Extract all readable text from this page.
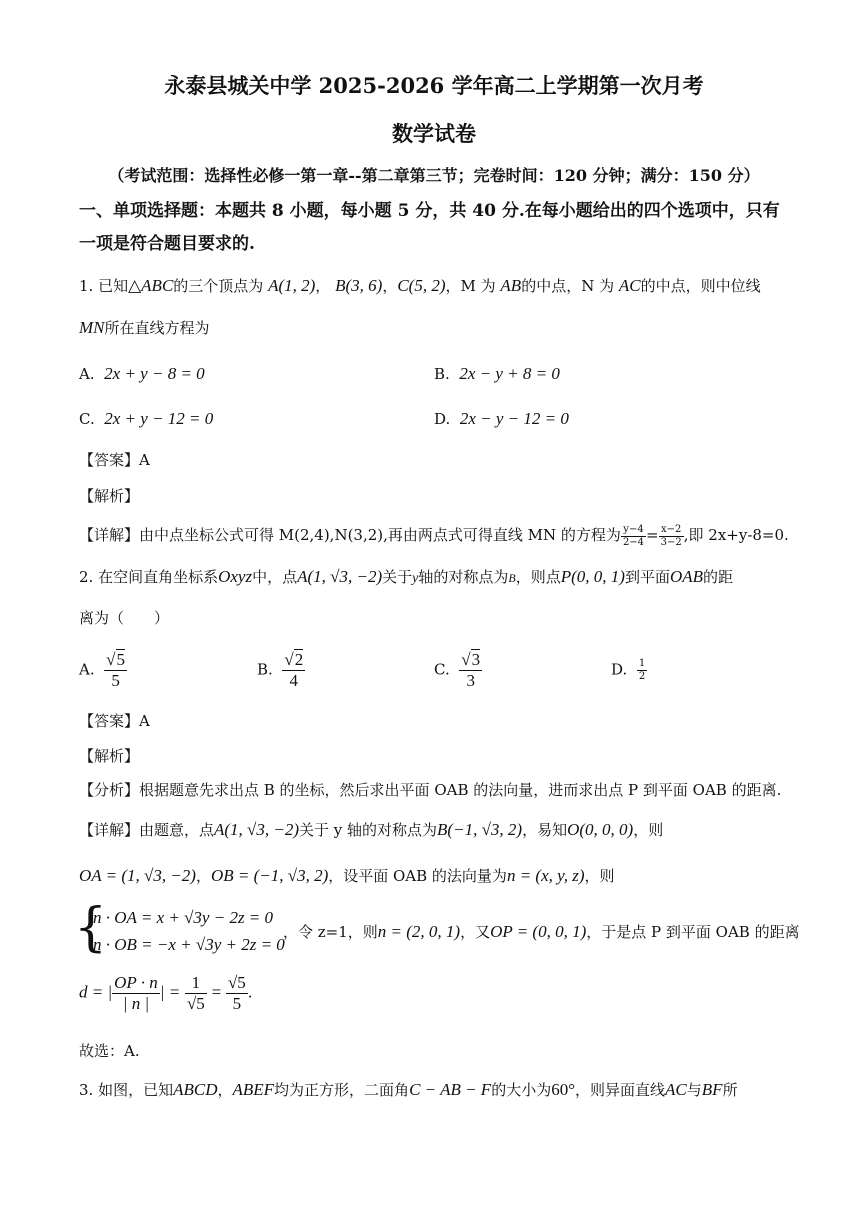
永泰县城关中学 2025-2026 学年高二上学期第一次月考
数学试卷
（考试范围：选择性必修一第一章--第二章第三节；完卷时间：120 分钟；满分：150 分）
一、单项选择题：本题共 8 小题，每小题 5 分，共 40 分.在每小题给出的四个选项中，只有
一项是符合题目要求的.
1. 已知△ABC的三个顶点为 A(1, 2)， B(3, 6)，C(5, 2)，M 为 AB的中点，N 为 AC的中点，则中位线
MN所在直线方程为
A. 2x + y − 8 = 0	B. 2x − y + 8 = 0
C. 2x + y − 12 = 0	D. 2x − y − 12 = 0
【答案】A
【解析】
【详解】由中点坐标公式可得 M(2,4),N(3,2),再由两点式可得直线 MN 的方程为 $\frac{y-4}{2-4} = \frac{x-2}{3-2}$ ,即 2x+y-8=0.
2. 在空间直角坐标系Oxyz中，点A(1, √3, −2)关于y轴的对称点为B，则点P(0, 0, 1)到平面OAB的距
离为（　　）
A. $\frac{√5}{5}$	B. $\frac{√2}{4}$	C. $\frac{√3}{3}$	D. $\frac{1}{2}$
【答案】A
【解析】
【分析】根据题意先求出点 B 的坐标，然后求出平面 OAB 的法向量，进而求出点 P 到平面 OAB 的距离.
【详解】由题意，点A(1, √3, −2)关于 y 轴的对称点为B(−1, √3, 2)，易知O(0, 0, 0)，则
OA = (1, √3, −2)，OB = (−1, √3, 2)，设平面 OAB 的法向量为n = (x, y, z)，则
{
n · OA = x + √3y − 2z = 0
n · OB = −x + √3y + 2z = 0
，令 z=1，则n = (2, 0, 1)，又OP = (0, 0, 1)，于是点 P 到平面 OAB 的距离
d = | $\frac{OP \cdot n}{| n |}$ | = $\frac{1}{√5} = \frac{√5}{5}$ .
故选：A.
3. 如图，已知ABCD，ABEF均为正方形，二面角C − AB − F的大小为60°，则异面直线AC与BF所
